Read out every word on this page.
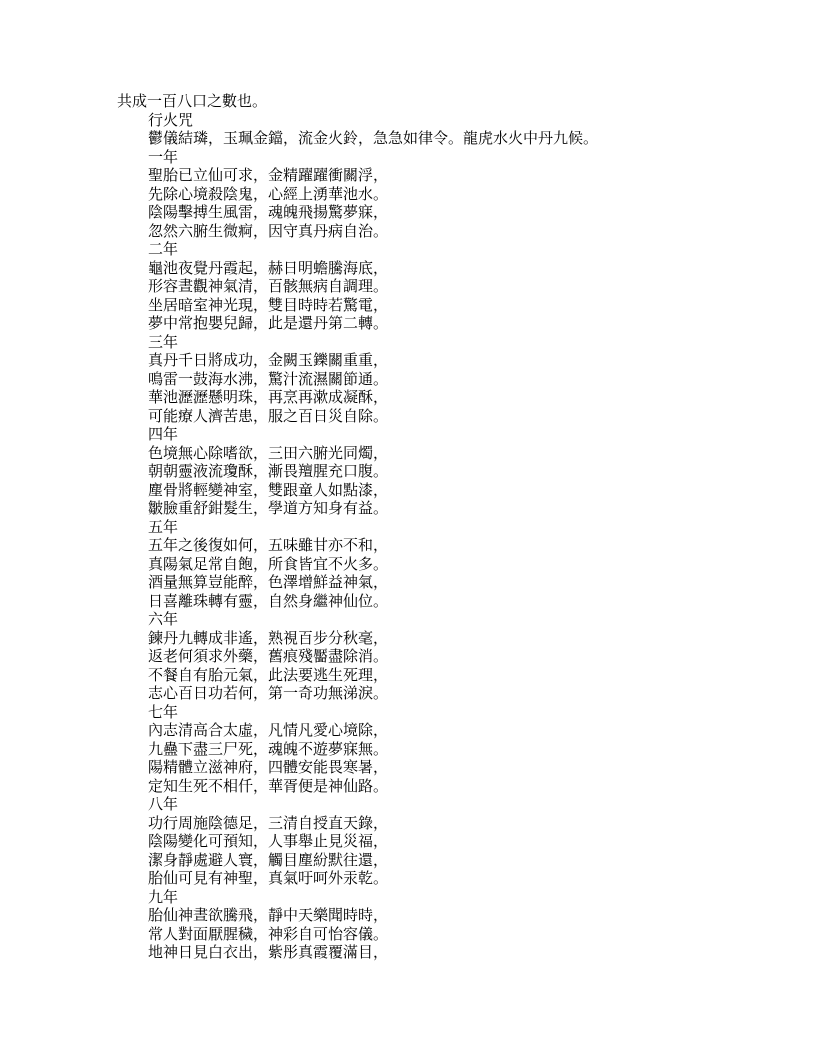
共成一百八口之數也。

行火咒

鬱儀結璘，玉珮金鐺，流金火鈴，急急如律令。龍虎水火中丹九候。

一年

聖胎已立仙可求，金精躍躍衝關浮，

先除心境殺陰鬼，心經上湧華池水。

陰陽擊搏生風雷，魂魄飛揚驚夢寐，

忽然六腑生微痾，因守真丹病自治。

二年

龜池夜覺丹霞起，赫日明蟾騰海底，

形容晝觀神氣清，百骸無病自調理。

坐居暗室神光現，雙目時時若驚電，

夢中常抱嬰兒歸，此是還丹第二轉。

三年

真丹千日將成功，金闕玉鑠關重重，

鳴雷一鼓海水沸，驚汁流濕關節通。

華池瀝瀝懸明珠，再烹再漱成凝酥，

可能療人濟苦患，服之百日災自除。

四年

色境無心除嗜欲，三田六腑光同燭，

朝朝靈液流瓊酥，漸畏羶腥充口腹。

塵骨將輕變神室，雙跟童人如點漆，

皺臉重舒鉗髮生，學道方知身有益。

五年

五年之後復如何，五味雖甘亦不和，

真陽氣足常自飽，所食皆宜不火多。

酒量無算豈能醉，色澤增鮮益神氣，

日喜離珠轉有靈，自然身繼神仙位。

六年

鍊丹九轉成非遙，熟視百步分秋毫，

返老何須求外藥，舊痕殘靨盡除消。

不餐自有胎元氣，此法要逃生死理，

志心百日功若何，第一奇功無涕淚。

七年

內志清高合太虛，凡情凡愛心境除，

九蠱下盡三尸死，魂魄不遊夢寐無。

陽精體立滋神府，四體安能畏寒暑，

定知生死不相仟，華胥便是神仙路。

八年

功行周施陰德足，三清自授直天錄，

陰陽變化可預知，人事舉止見災福，

潔身靜處避人寰，觸目塵紛默往還，

胎仙可見有神聖，真氣吁呵外汞乾。

九年

胎仙神晝欲騰飛，靜中天樂聞時時，

常人對面厭腥穢，神彩自可怡容儀。

地神日見白衣出，紫彤真霞覆滿目，
